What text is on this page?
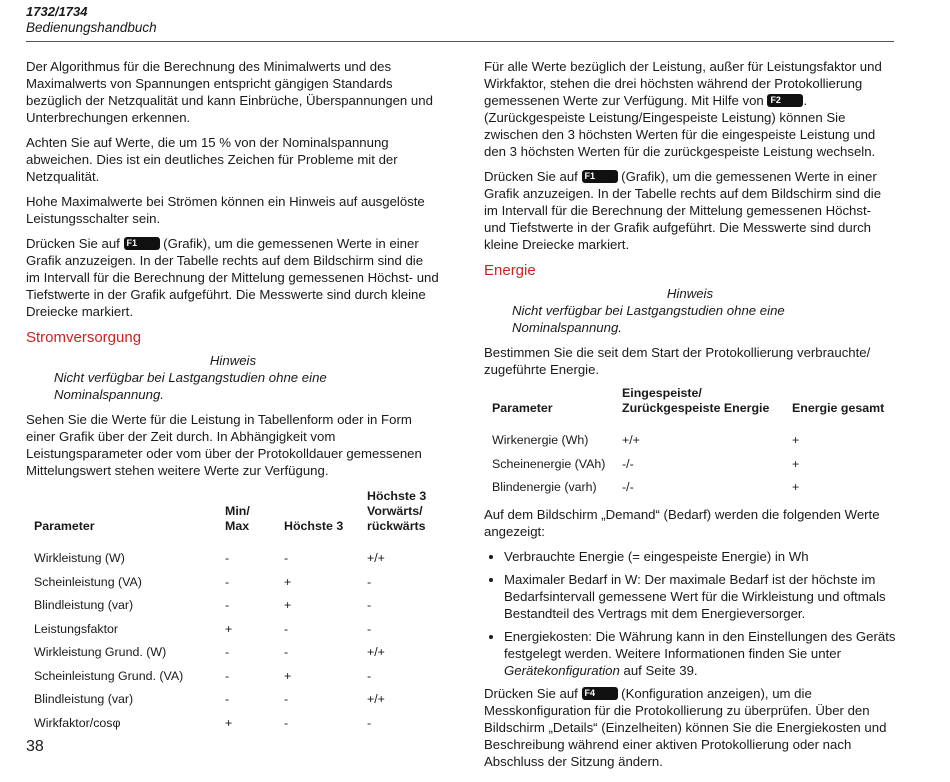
1732/1734
Bedienungshandbuch

Der Algorithmus für die Berechnung des Minimalwerts und des Maximalwerts von Spannungen entspricht gängigen Standards bezüglich der Netzqualität und kann Einbrüche, Überspannungen und Unterbrechungen erkennen.

Achten Sie auf Werte, die um 15 % von der Nominalspannung abweichen. Dies ist ein deutliches Zeichen für Probleme mit der Netzqualität.

Hohe Maximalwerte bei Strömen können ein Hinweis auf ausgelöste Leistungsschalter sein.

Drücken Sie auf F1 (Grafik), um die gemessenen Werte in einer Grafik anzuzeigen. In der Tabelle rechts auf dem Bildschirm sind die im Intervall für die Berechnung der Mittelung gemessenen Höchst- und Tiefstwerte in der Grafik aufgeführt. Die Messwerte sind durch kleine Dreiecke markiert.

Stromversorgung
Hinweis
Nicht verfügbar bei Lastgangstudien ohne eine Nominalspannung.

Sehen Sie die Werte für die Leistung in Tabellenform oder in Form einer Grafik über der Zeit durch. In Abhängigkeit vom Leistungsparameter oder vom über der Protokolldauer gemessenen Mittelungswert stehen weitere Werte zur Verfügung.

Parameter	Min/
Max	Höchste 3	Höchste 3
Vorwärts/
rückwärts
Wirkleistung (W)	-	-	+/+
Scheinleistung (VA)	-	+	-
Blindleistung (var)	-	+	-
Leistungsfaktor	+	-	-
Wirkleistung Grund. (W)	-	-	+/+
Scheinleistung Grund. (VA)	-	+	-
Blindleistung (var)	-	-	+/+
Wirkfaktor/cosφ	+	-	-

Für alle Werte bezüglich der Leistung, außer für Leistungsfaktor und Wirkfaktor, stehen die drei höchsten während der Protokollierung gemessenen Werte zur Verfügung. Mit Hilfe von F2 . (Zurückgespeiste Leistung/Eingespeiste Leistung) können Sie zwischen den 3 höchsten Werten für die eingespeiste Leistung und den 3 höchsten Werten für die zurückgespeiste Leistung wechseln.

Drücken Sie auf F1 (Grafik), um die gemessenen Werte in einer Grafik anzuzeigen. In der Tabelle rechts auf dem Bildschirm sind die im Intervall für die Berechnung der Mittelung gemessenen Höchst- und Tiefstwerte in der Grafik aufgeführt. Die Messwerte sind durch kleine Dreiecke markiert.

Energie
Hinweis
Nicht verfügbar bei Lastgangstudien ohne eine Nominalspannung.

Bestimmen Sie die seit dem Start der Protokollierung verbrauchte/ zugeführte Energie.

Parameter	Eingespeiste/
Zurückgespeiste Energie	Energie gesamt
Wirkenergie (Wh)	+/+	+
Scheinenergie (VAh)	-/-	+
Blindenergie (varh)	-/-	+

Auf dem Bildschirm „Demand“ (Bedarf) werden die folgenden Werte angezeigt:

• Verbrauchte Energie (= eingespeiste Energie) in Wh
• Maximaler Bedarf in W: Der maximale Bedarf ist der höchste im Bedarfsintervall gemessene Wert für die Wirkleistung und oftmals Bestandteil des Vertrags mit dem Energieversorger.
• Energiekosten: Die Währung kann in den Einstellungen des Geräts festgelegt werden. Weitere Informationen finden Sie unter Gerätekonfiguration auf Seite 39.

Drücken Sie auf F4 (Konfiguration anzeigen), um die Messkonfiguration für die Protokollierung zu überprüfen. Über den Bildschirm „Details“ (Einzelheiten) können Sie die Energiekosten und Beschreibung während einer aktiven Protokollierung oder nach Abschluss der Sitzung ändern.

38
